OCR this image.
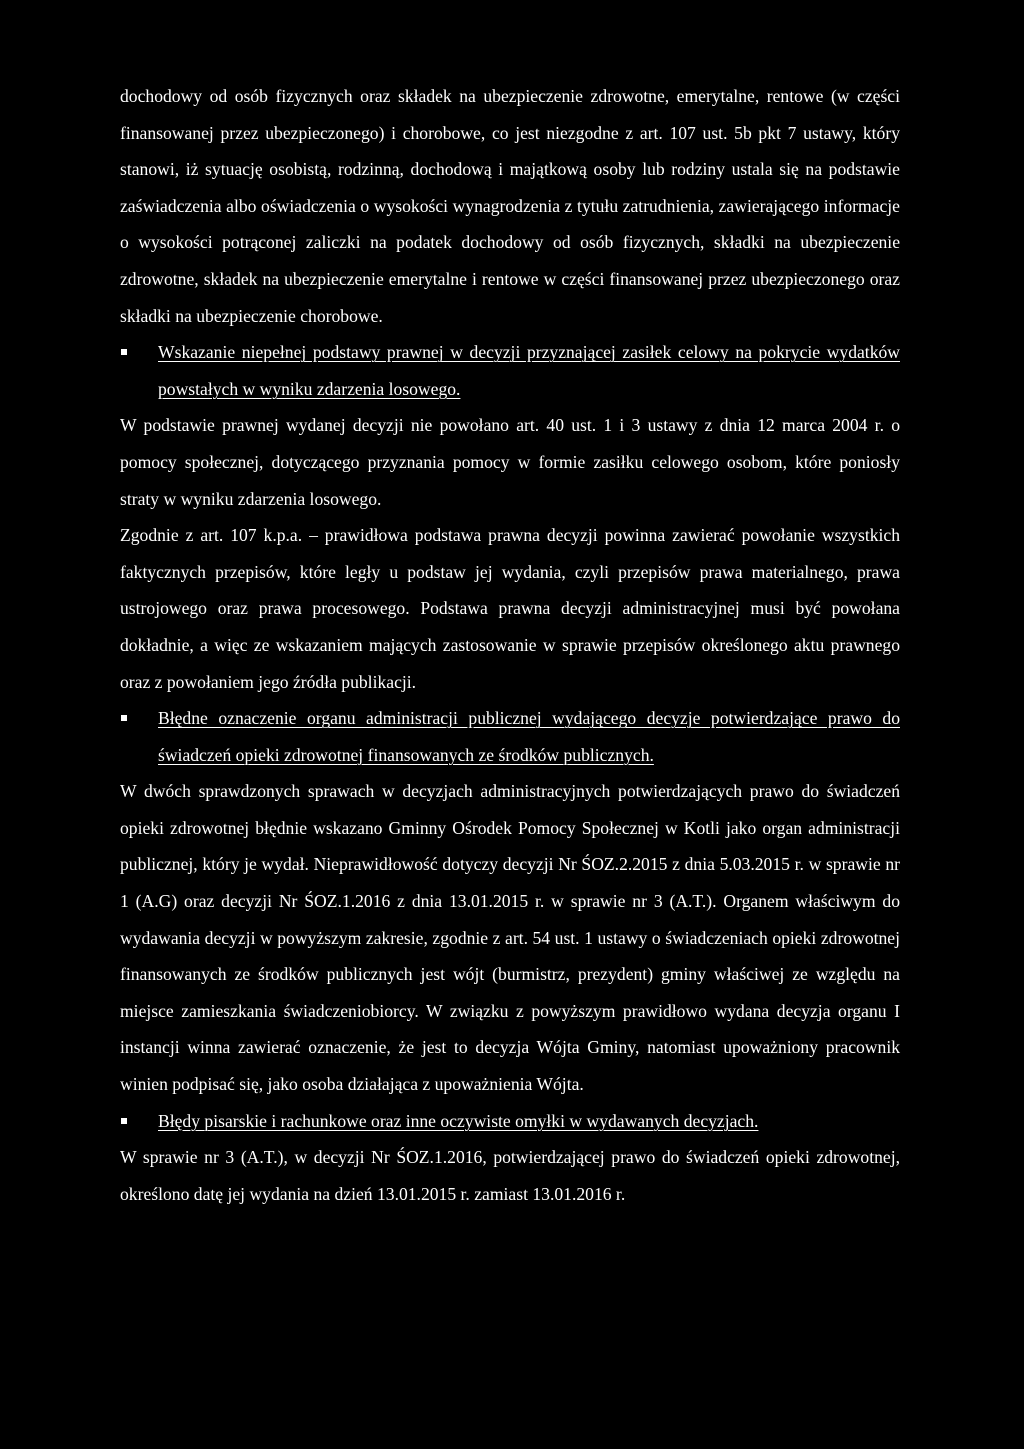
dochodowy od osób fizycznych oraz składek na ubezpieczenie zdrowotne, emerytalne, rentowe (w części finansowanej przez ubezpieczonego) i chorobowe, co jest niezgodne z art. 107 ust. 5b pkt 7 ustawy, który stanowi, iż sytuację osobistą, rodzinną, dochodową i majątkową osoby lub rodziny ustala się na podstawie zaświadczenia albo oświadczenia o wysokości wynagrodzenia z tytułu zatrudnienia, zawierającego informacje o wysokości potrąconej zaliczki na podatek dochodowy od osób fizycznych, składki na ubezpieczenie zdrowotne, składek na ubezpieczenie emerytalne i rentowe w części finansowanej przez ubezpieczonego oraz składki na ubezpieczenie chorobowe.

Wskazanie niepełnej podstawy prawnej w decyzji przyznającej zasiłek celowy na pokrycie wydatków powstałych w wyniku zdarzenia losowego.

W podstawie prawnej wydanej decyzji nie powołano art. 40 ust. 1 i 3 ustawy z dnia 12 marca 2004 r. o pomocy społecznej, dotyczącego przyznania pomocy w formie zasiłku celowego osobom, które poniosły straty w wyniku zdarzenia losowego.

Zgodnie z art. 107 k.p.a. – prawidłowa podstawa prawna decyzji powinna zawierać powołanie wszystkich faktycznych przepisów, które legły u podstaw jej wydania, czyli przepisów prawa materialnego, prawa ustrojowego oraz prawa procesowego. Podstawa prawna decyzji administracyjnej musi być powołana dokładnie, a więc ze wskazaniem mających zastosowanie w sprawie przepisów określonego aktu prawnego oraz z powołaniem jego źródła publikacji.

Błędne oznaczenie organu administracji publicznej wydającego decyzje potwierdzające prawo do świadczeń opieki zdrowotnej finansowanych ze środków publicznych.

W dwóch sprawdzonych sprawach w decyzjach administracyjnych potwierdzających prawo do świadczeń opieki zdrowotnej błędnie wskazano Gminny Ośrodek Pomocy Społecznej w Kotli jako organ administracji publicznej, który je wydał. Nieprawidłowość dotyczy decyzji Nr ŚOZ.2.2015 z dnia 5.03.2015 r. w sprawie nr 1 (A.G) oraz decyzji Nr ŚOZ.1.2016 z dnia 13.01.2015 r. w sprawie nr 3 (A.T.). Organem właściwym do wydawania decyzji w powyższym zakresie, zgodnie z art. 54 ust. 1 ustawy o świadczeniach opieki zdrowotnej finansowanych ze środków publicznych jest wójt (burmistrz, prezydent) gminy właściwej ze względu na miejsce zamieszkania świadczeniobiorcy. W związku z powyższym prawidłowo wydana decyzja organu I instancji winna zawierać oznaczenie, że jest to decyzja Wójta Gminy, natomiast upoważniony pracownik winien podpisać się, jako osoba działająca z upoważnienia Wójta.

Błędy pisarskie i rachunkowe oraz inne oczywiste omyłki w wydawanych decyzjach.

W sprawie nr 3 (A.T.), w decyzji Nr ŚOZ.1.2016, potwierdzającej prawo do świadczeń opieki zdrowotnej, określono datę jej wydania na dzień 13.01.2015 r. zamiast 13.01.2016 r.
